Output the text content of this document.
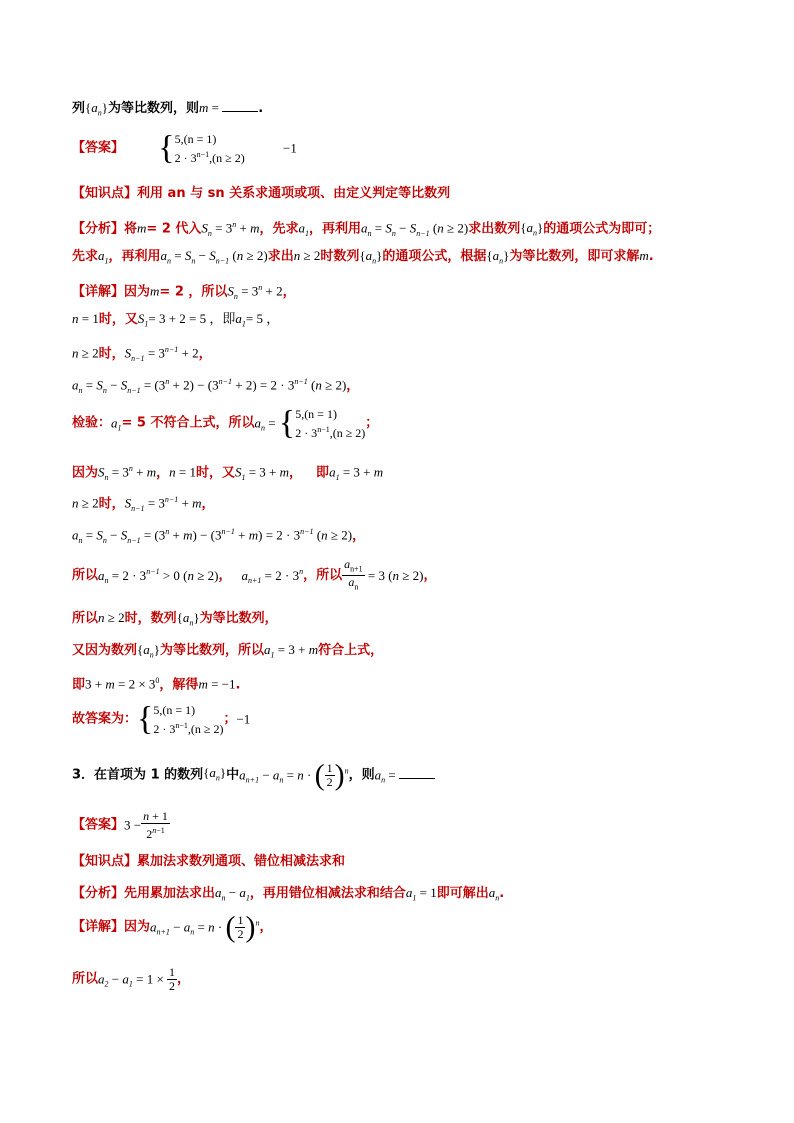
列$\{a_n\}$为等比数列，则m =	.
【答案】 {5,(n = 1)
$2 \cdot 3^{n-1},(n \ge 2) -1$
【知识点】利用 an 与 sn 关系求通项或项、由定义判定等比数列
【分析】将m= 2 代入$S_n = 3^n + m$，先求$a_1$，再利用$a_n = S_n - S_{n-1}$ (n ≥ 2)求出数列$\{a_n\}$的通项公式为即可；
先求$a_1$，再利用$a_n = S_n - S_{n-1}$ (n ≥ 2)求出n ≥ 2时数列$\{a_n\}$的通项公式，根据$\{a_n\}$为等比数列，即可求解m.
【详解】因为m= 2 ，所以$S_n = 3^n + 2$，
n = 1时，又$S_1= 3 + 2 = 5$ ，即$a_1= 5$ ，
n ≥ 2时，$S_{n-1} = 3^{n-1} + 2$，
$a_n = S_n - S_{n-1} = (3^n + 2) - (3^{n-1} + 2) = 2 \cdot 3^{n-1}$ (n ≥ 2)，
检验：$a_1= 5$ 不符合上式，所以$a_n = \{5,(n = 1)$
$2 \cdot 3^{n-1},(n \ge 2)$；
因为$S_n = 3^n + m$，n = 1时，又$S_1 = 3 + m$， 即$a_1 = 3 + m$
n ≥ 2时，$S_{n-1} = 3^{n-1} + m$，
$a_n = S_n - S_{n-1} = (3^n + m) - (3^{n-1} + m) = 2 \cdot 3^{n-1}$ (n ≥ 2)，
所以$a_n = 2 \cdot 3^{n-1} > 0$ (n ≥ 2)， $a_{n+1} = 2 \cdot 3^n$，所以 $\frac{a_{n+1}}{a_n} = 3$ (n ≥ 2)，
所以n ≥ 2时，数列$\{a_n\}$为等比数列，
又因为数列$\{a_n\}$为等比数列，所以$a_1 = 3 + m$符合上式，
即$3 + m = 2 \times 3^0$，解得m = −1.
故答案为：{5,(n = 1)
$2 \cdot 3^{n-1},(n \ge 2)$；−1
3．在首项为 1 的数列$\{a_n\}$中$a_{n+1} - a_n = n$ · ( $\frac{1}{2} )^n$，则$a_n$ =
【答案】$3 - \frac{n + 1}{2^{n-1}}$
【知识点】累加法求数列通项、错位相减法求和
【分析】先用累加法求出$a_n - a_1$，再用错位相减法求和结合$a_1 = 1$即可解出$a_n$.
【详解】因为$a_{n+1} - a_n = n$ · ( $\frac{1}{2} )^n$，
所以$a_2 - a_1 = 1 \times \frac{1}{2}$ ，
